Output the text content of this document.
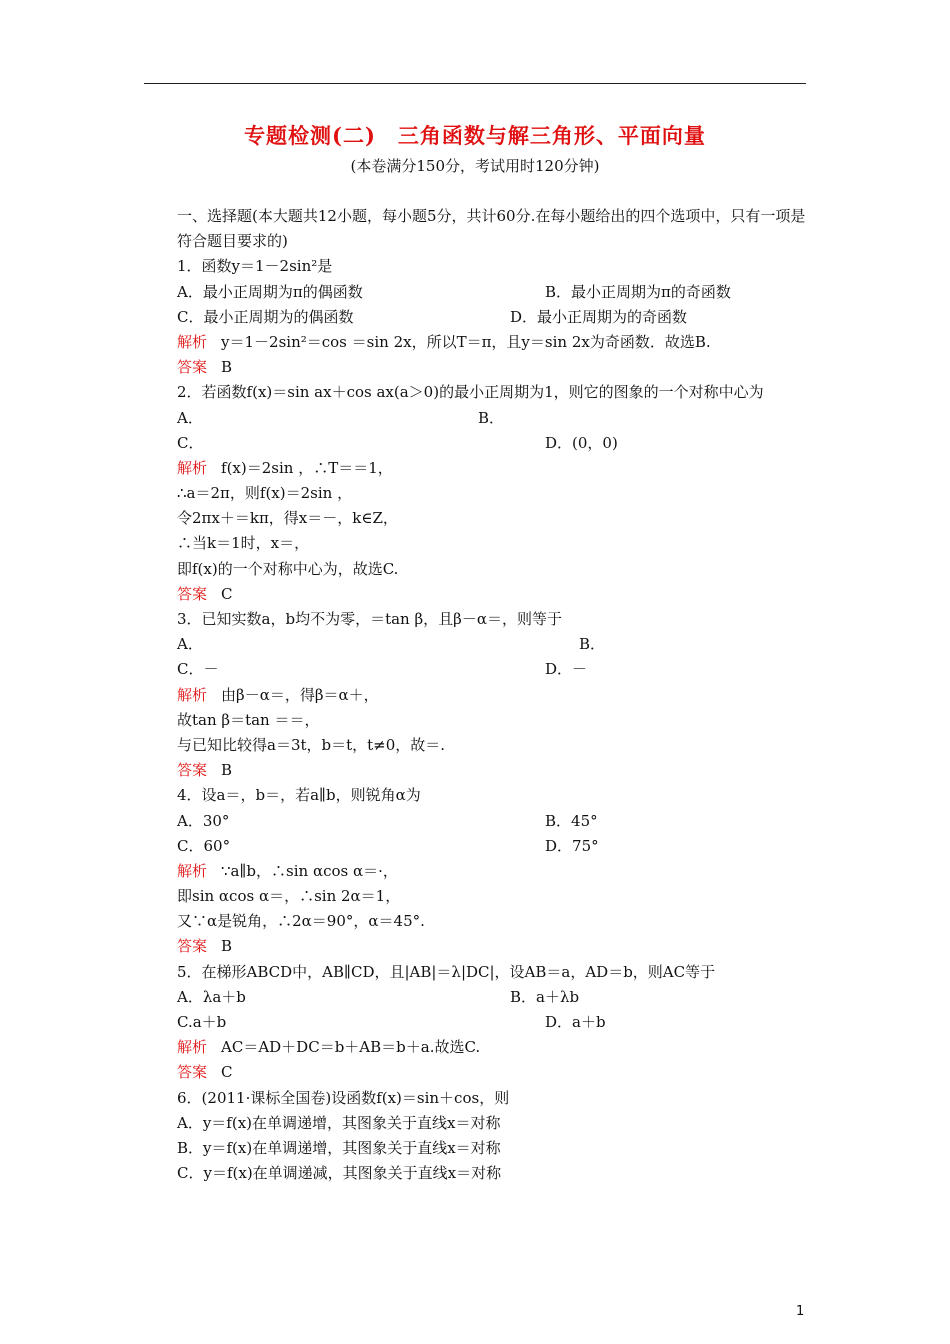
专题检测(二)　三角函数与解三角形、平面向量
(本卷满分150分，考试用时120分钟)
一、选择题(本大题共12小题，每小题5分，共计60分.在每小题给出的四个选项中，只有一项是符合题目要求的)
1．函数y＝1－2sin²是
A．最小正周期为π的偶函数	B．最小正周期为π的奇函数
C．最小正周期为的偶函数	D．最小正周期为的奇函数
解析 y＝1－2sin²＝cos ＝sin 2x，所以T＝π，且y＝sin 2x为奇函数．故选B.
答案 B
2．若函数f(x)＝sin ax＋cos ax(a＞0)的最小正周期为1，则它的图象的一个对称中心为
A．	B．
C．	D．(0，0)
解析 f(x)＝2sin ，∴T＝＝1，
∴a＝2π，则f(x)＝2sin ，
令2πx＋＝kπ，得x＝－，k∈Z，
∴当k＝1时，x＝，
即f(x)的一个对称中心为，故选C.
答案 C
3．已知实数a，b均不为零，＝tan β，且β－α＝，则等于
A．	B．
C．－	D．－
解析 由β－α＝，得β＝α＋，
故tan β＝tan ＝＝，
与已知比较得a＝3t，b＝t，t≠0，故＝.
答案 B
4．设a＝，b＝，若a∥b，则锐角α为
A．30°	B．45°
C．60°	D．75°
解析 ∵a∥b，∴sin αcos α＝·，
即sin αcos α＝，∴sin 2α＝1，
又∵α是锐角，∴2α＝90°，α＝45°.
答案 B
5．在梯形ABCD中，AB∥CD，且|AB|＝λ|DC|，设AB＝a，AD＝b，则AC等于
A．λa＋b	B．a＋λb
C.a＋b	D．a＋b
解析 AC＝AD＋DC＝b＋AB＝b＋a.故选C.
答案 C
6．(2011·课标全国卷)设函数f(x)＝sin＋cos，则
A．y＝f(x)在单调递增，其图象关于直线x＝对称
B．y＝f(x)在单调递增，其图象关于直线x＝对称
C．y＝f(x)在单调递减，其图象关于直线x＝对称
1
